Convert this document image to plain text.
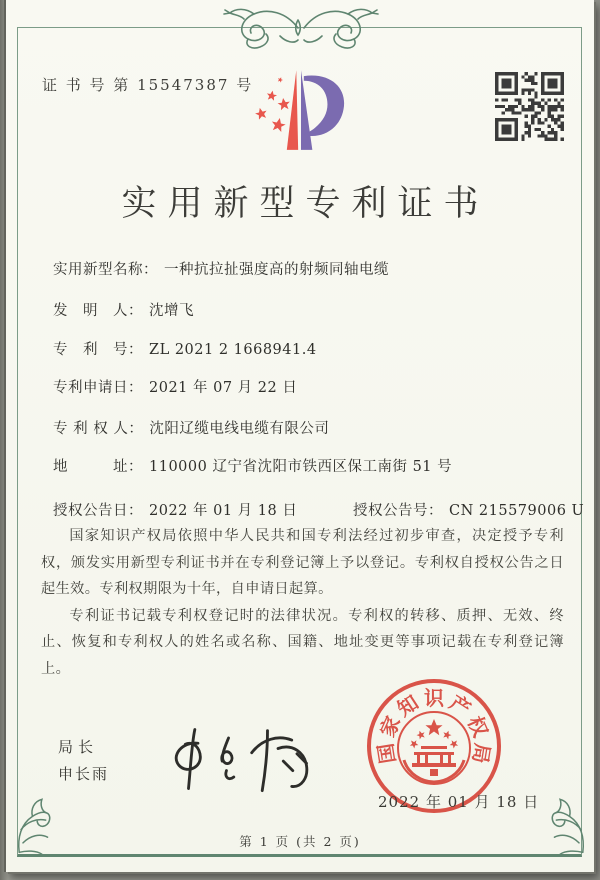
证 书 号 第 15547387 号
实用新型专利证书
实用新型名称： 一种抗拉扯强度高的射频同轴电缆
发　明　人： 沈增飞
专　利　号： ZL 2021 2 1668941.4
专利申请日： 2021 年 07 月 22 日
专 利 权 人： 沈阳辽缆电线电缆有限公司
地　　　址： 110000 辽宁省沈阳市铁西区保工南街 51 号
授权公告日： 2022 年 01 月 18 日	授权公告号： CN 215579006 U

国家知识产权局依照中华人民共和国专利法经过初步审查，决定授予专利权，颁发实用新型专利证书并在专利登记簿上予以登记。专利权自授权公告之日起生效。专利权期限为十年，自申请日起算。

专利证书记载专利权登记时的法律状况。专利权的转移、质押、无效、终止、恢复和专利权人的姓名或名称、国籍、地址变更等事项记载在专利登记簿上。

局长
申长雨
国
家
知 识 产
权
局
2022 年 01 月 18 日
第 1 页 (共 2 页)
